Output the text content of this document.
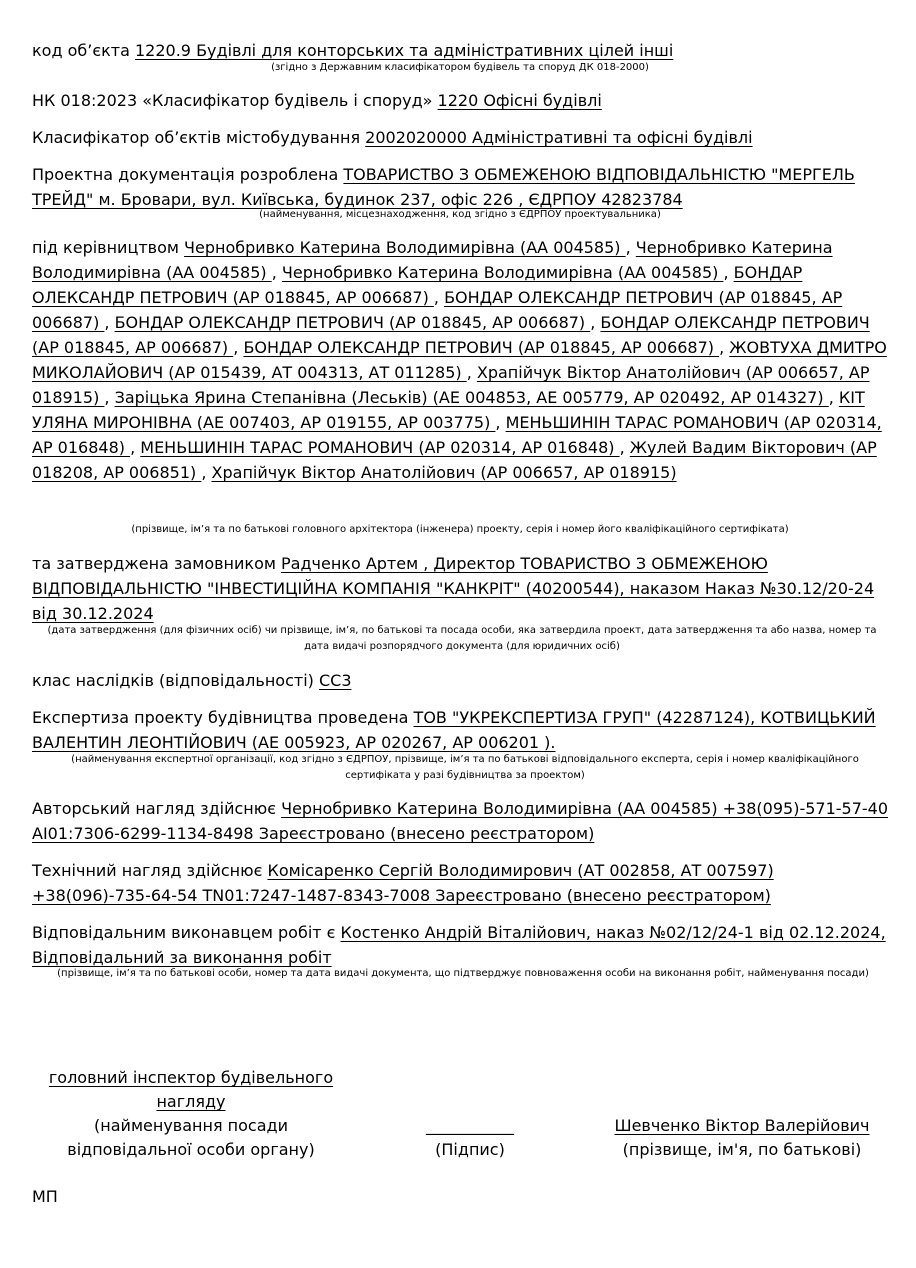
код об’єкта 1220.9 Будівлі для конторських та адміністративних цілей інші
(згідно з Державним класифікатором будівель та споруд ДК 018-2000)
НК 018:2023 «Класифікатор будівель і споруд» 1220 Офісні будівлі
Класифікатор об’єктів містобудування 2002020000 Адміністративні та офісні будівлі
Проектна документація розроблена ТОВАРИСТВО З ОБМЕЖЕНОЮ ВІДПОВІДАЛЬНІСТЮ "МЕРГЕЛЬ ТРЕЙД" м. Бровари, вул. Київська, будинок 237, офіс 226 , ЄДРПОУ 42823784
(найменування, місцезнаходження, код згідно з ЄДРПОУ проектувальника)
під керівництвом Чернобривко Катерина Володимирівна (АА 004585) , Чернобривко Катерина Володимирівна (АА 004585) , Чернобривко Катерина Володимирівна (АА 004585) , БОНДАР ОЛЕКСАНДР ПЕТРОВИЧ (АР 018845, АР 006687) , БОНДАР ОЛЕКСАНДР ПЕТРОВИЧ (АР 018845, АР 006687) , БОНДАР ОЛЕКСАНДР ПЕТРОВИЧ (АР 018845, АР 006687) , БОНДАР ОЛЕКСАНДР ПЕТРОВИЧ (АР 018845, АР 006687) , БОНДАР ОЛЕКСАНДР ПЕТРОВИЧ (АР 018845, АР 006687) , ЖОВТУХА ДМИТРО МИКОЛАЙОВИЧ (АР 015439, АТ 004313, АТ 011285) , Храпійчук Віктор Анатолійович (АР 006657, АР 018915) , Заріцька Ярина Степанівна (Леськів) (АЕ 004853, АЕ 005779, АР 020492, АР 014327) , КІТ УЛЯНА МИРОНІВНА (АЕ 007403, АР 019155, АР 003775) , МЕНЬШИНІН ТАРАС РОМАНОВИЧ (АР 020314, АР 016848) , МЕНЬШИНІН ТАРАС РОМАНОВИЧ (АР 020314, АР 016848) , Жулей Вадим Вікторович (АР 018208, АР 006851) , Храпійчук Віктор Анатолійович (АР 006657, АР 018915)
(прізвище, ім’я та по батькові головного архітектора (інженера) проекту, серія і номер його кваліфікаційного сертифіката)
та затверджена замовником Радченко Артем , Директор ТОВАРИСТВО З ОБМЕЖЕНОЮ ВІДПОВІДАЛЬНІСТЮ "ІНВЕСТИЦІЙНА КОМПАНІЯ "КАНКРІТ" (40200544), наказом Наказ №30.12/20-24 від 30.12.2024
(дата затвердження (для фізичних осіб) чи прізвище, ім’я, по батькові та посада особи, яка затвердила проект, дата затвердження та або назва, номер та дата видачі розпорядчого документа (для юридичних осіб)
клас наслідків (відповідальності) СС3
Експертиза проекту будівництва проведена ТОВ "УКРЕКСПЕРТИЗА ГРУП" (42287124), КОТВИЦЬКИЙ ВАЛЕНТИН ЛЕОНТІЙОВИЧ (АЕ 005923, АР 020267, АР 006201 ).
(найменування експертної організації, код згідно з ЄДРПОУ, прізвище, ім’я та по батькові відповідального експерта, серія і номер кваліфікаційного сертифіката у разі будівництва за проектом)
Авторський нагляд здійснює Чернобривко Катерина Володимирівна (АА 004585) +38(095)-571-57-40 AI01:7306-6299-1134-8498 Зареєстровано (внесено реєстратором)
Технічний нагляд здійснює Комісаренко Сергій Володимирович (АТ 002858, АТ 007597) +38(096)-735-64-54 TN01:7247-1487-8343-7008 Зареєстровано (внесено реєстратором)
Відповідальним виконавцем робіт є Костенко Андрій Віталійович, наказ №02/12/24-1 від 02.12.2024, Відповідальний за виконання робіт
(прізвище, ім’я та по батькові особи, номер та дата видачі документа, що підтверджує повноваження особи на виконання робіт, найменування посади)
головний інспектор будівельного
нагляду
(найменування посади
відповідальної особи органу)
___________
(Підпис)
Шевченко Віктор Валерійович
(прізвище, ім'я, по батькові)
МП
